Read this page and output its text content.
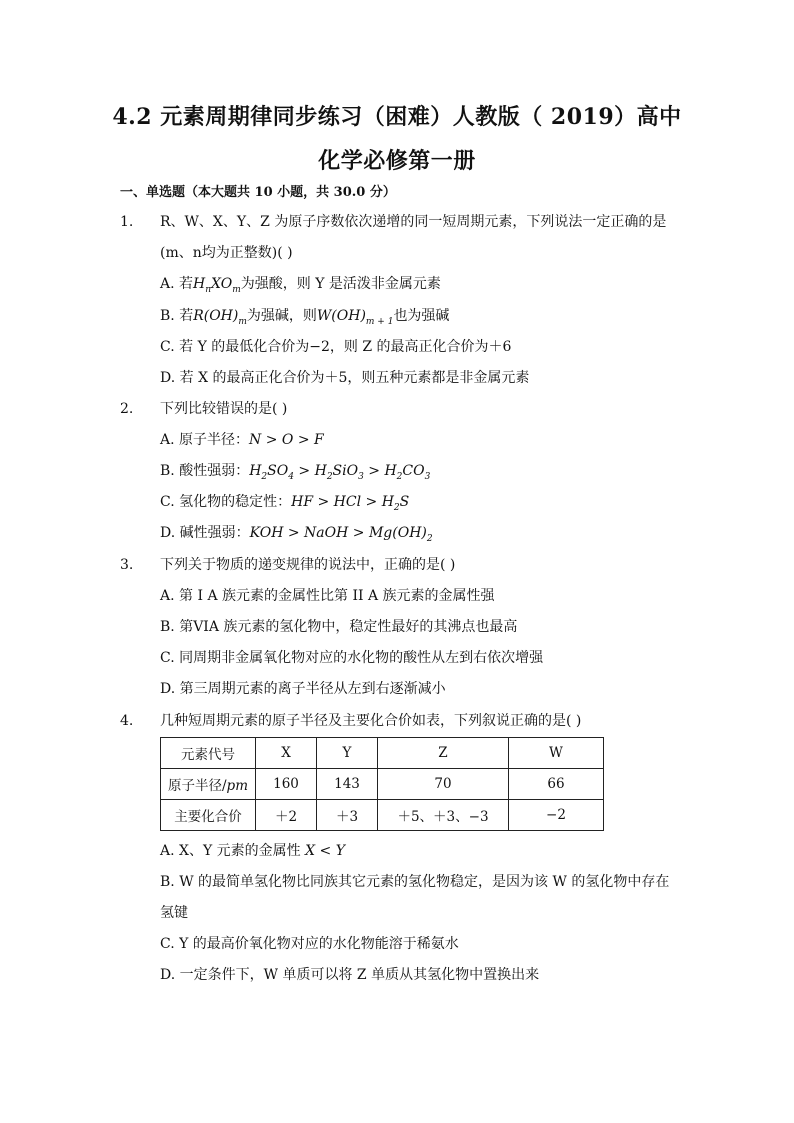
4.2 元素周期律同步练习（困难）人教版（ 2019）高中
化学必修第一册
一、单选题（本大题共 10 小题，共 30.0 分）
1. R、W、X、Y、Z 为原子序数依次递增的同一短周期元素，下列说法一定正确的是
(m、n均为正整数)( )
A. 若$H_nXO_m$为强酸，则 Y 是活泼非金属元素
B. 若$R(OH)_m$为强碱，则$W(OH)_{m + 1}$也为强碱
C. 若 Y 的最低化合价为−2，则 Z 的最高正化合价为＋6
D. 若 X 的最高正化合价为＋5，则五种元素都是非金属元素
2. 下列比较错误的是( )
A. 原子半径：N > O > F
B. 酸性强弱：$H_2SO_4 > H_2SiO_3 > H_2CO_3$
C. 氢化物的稳定性：HF > HCl > $H_2S$
D. 碱性强弱：KOH > NaOH > $Mg(OH)_2$
3. 下列关于物质的递变规律的说法中，正确的是( )
A. 第 I A 族元素的金属性比第 II A 族元素的金属性强
B. 第VIA 族元素的氢化物中，稳定性最好的其沸点也最高
C. 同周期非金属氧化物对应的水化物的酸性从左到右依次增强
D. 第三周期元素的离子半径从左到右逐渐减小
4. 几种短周期元素的原子半径及主要化合价如表，下列叙说正确的是( )
元素代号	X	Y	Z	W
原子半径/pm	160	143	70	66
主要化合价	＋2	＋3	＋5、＋3、−3	−2
A. X、Y 元素的金属性 X < Y
B. W 的最简单氢化物比同族其它元素的氢化物稳定，是因为该 W 的氢化物中存在
氢键
C. Y 的最高价氧化物对应的水化物能溶于稀氨水
D. 一定条件下，W 单质可以将 Z 单质从其氢化物中置换出来
